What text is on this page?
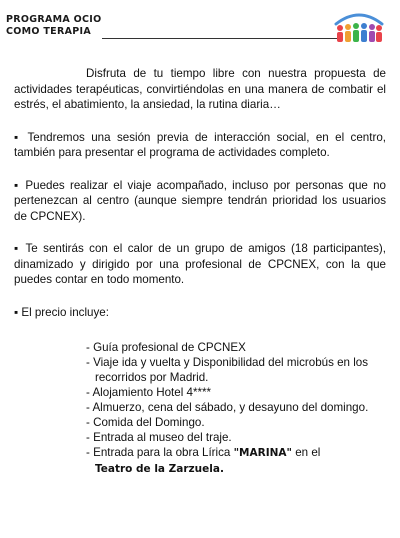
PROGRAMA OCIO
COMO TERAPIA

Disfruta de tu tiempo libre con nuestra propuesta de actividades terapéuticas, convirtiéndolas en una manera de combatir el estrés, el abatimiento, la ansiedad, la rutina diaria…

▪ Tendremos una sesión previa de interacción social, en el centro, también para presentar el programa de actividades completo.

▪ Puedes realizar el viaje acompañado, incluso por personas que no pertenezcan al centro (aunque siempre tendrán prioridad los usuarios de CPCNEX).

▪ Te sentirás con el calor de un grupo de amigos (18 participantes), dinamizado y dirigido por una profesional de CPCNEX, con la que puedes contar en todo momento.

▪ El precio incluye:

- Guía profesional de CPCNEX
- Viaje ida y vuelta y Disponibilidad del microbús en los recorridos por Madrid.
- Alojamiento Hotel 4****
- Almuerzo, cena del sábado, y desayuno del domingo.
- Comida del Domingo.
- Entrada al museo del traje.
- Entrada para la obra Lírica "MARINA" en el
Teatro de la Zarzuela.
